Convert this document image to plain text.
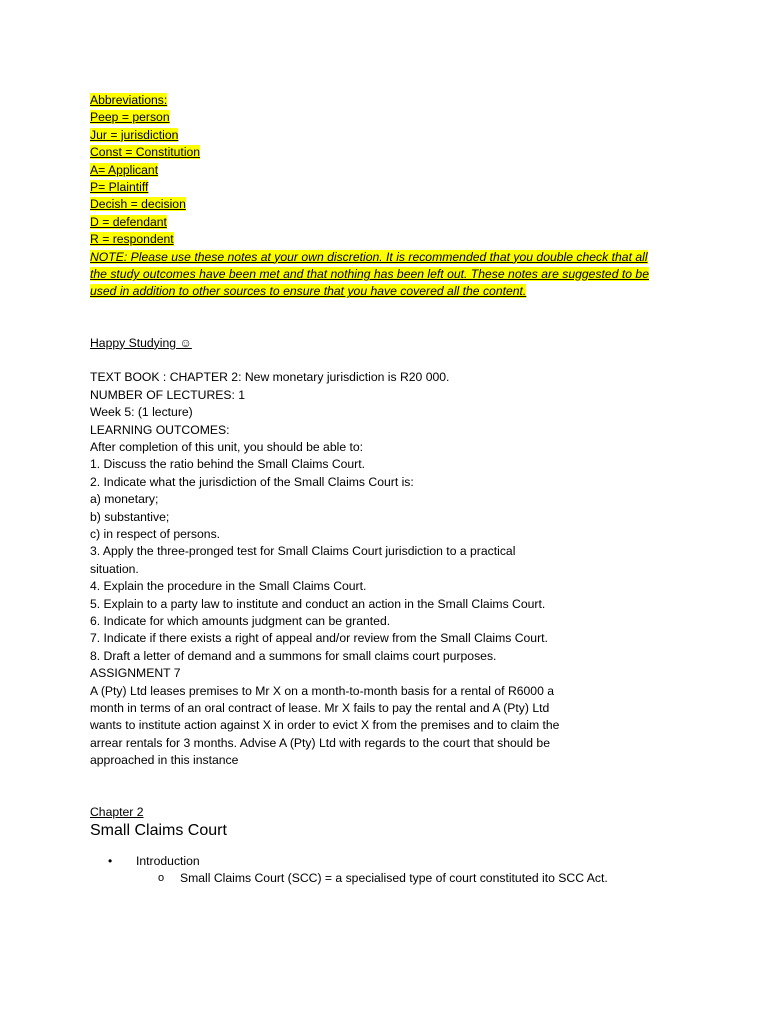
Abbreviations:
Peep = person
Jur = jurisdiction
Const = Constitution
A= Applicant
P= Plaintiff
Decish = decision
D = defendant
R = respondent
NOTE: Please use these notes at your own discretion. It is recommended that you double check that all
the study outcomes have been met and that nothing has been left out. These notes are suggested to be
used in addition to other sources to ensure that you have covered all the content.
Happy Studying ☺
TEXT BOOK : CHAPTER 2: New monetary jurisdiction is R20 000.
NUMBER OF LECTURES: 1
Week 5: (1 lecture)
LEARNING OUTCOMES:
After completion of this unit, you should be able to:
1. Discuss the ratio behind the Small Claims Court.
2. Indicate what the jurisdiction of the Small Claims Court is:
a) monetary;
b) substantive;
c) in respect of persons.
3. Apply the three-pronged test for Small Claims Court jurisdiction to a practical
situation.
4. Explain the procedure in the Small Claims Court.
5. Explain to a party law to institute and conduct an action in the Small Claims Court.
6. Indicate for which amounts judgment can be granted.
7. Indicate if there exists a right of appeal and/or review from the Small Claims Court.
8. Draft a letter of demand and a summons for small claims court purposes.
ASSIGNMENT 7
A (Pty) Ltd leases premises to Mr X on a month-to-month basis for a rental of R6000 a
month in terms of an oral contract of lease. Mr X fails to pay the rental and A (Pty) Ltd
wants to institute action against X in order to evict X from the premises and to claim the
arrear rentals for 3 months. Advise A (Pty) Ltd with regards to the court that should be
approached in this instance
Chapter 2
Small Claims Court
• Introduction
o Small Claims Court (SCC) = a specialised type of court constituted ito SCC Act.
